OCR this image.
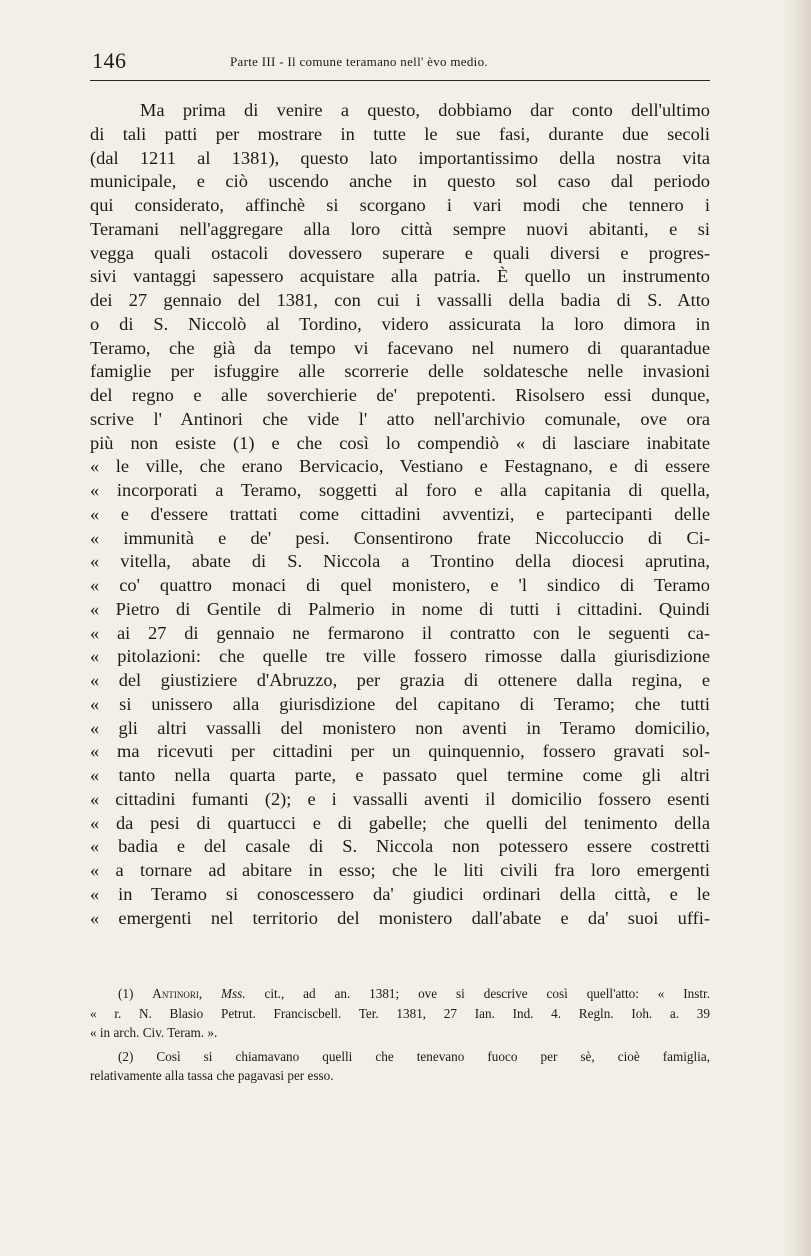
146	Parte III - Il comune teramano nell' èvo medio.
Ma prima di venire a questo, dobbiamo dar conto dell'ultimo
di tali patti per mostrare in tutte le sue fasi, durante due secoli
(dal 1211 al 1381), questo lato importantissimo della nostra vita
municipale, e ciò uscendo anche in questo sol caso dal periodo
qui considerato, affinchè si scorgano i vari modi che tennero i
Teramani nell'aggregare alla loro città sempre nuovi abitanti, e si
vegga quali ostacoli dovessero superare e quali diversi e progres-
sivi vantaggi sapessero acquistare alla patria. È quello un instrumento
dei 27 gennaio del 1381, con cui i vassalli della badia di S. Atto
o di S. Niccolò al Tordino, videro assicurata la loro dimora in
Teramo, che già da tempo vi facevano nel numero di quarantadue
famiglie per isfuggire alle scorrerie delle soldatesche nelle invasioni
del regno e alle soverchierie de' prepotenti. Risolsero essi dunque,
scrive l' Antinori che vide l' atto nell'archivio comunale, ove ora
più non esiste (1) e che così lo compendiò « di lasciare inabitate
« le ville, che erano Bervicacio, Vestiano e Festagnano, e di essere
« incorporati a Teramo, soggetti al foro e alla capitania di quella,
« e d'essere trattati come cittadini avventizi, e partecipanti delle
« immunità e de' pesi. Consentirono frate Niccoluccio di Ci-
« vitella, abate di S. Niccola a Trontino della diocesi aprutina,
« co' quattro monaci di quel monistero, e 'l sindico di Teramo
« Pietro di Gentile di Palmerio in nome di tutti i cittadini. Quindi
« ai 27 di gennaio ne fermarono il contratto con le seguenti ca-
« pitolazioni: che quelle tre ville fossero rimosse dalla giurisdizione
« del giustiziere d'Abruzzo, per grazia di ottenere dalla regina, e
« si unissero alla giurisdizione del capitano di Teramo; che tutti
« gli altri vassalli del monistero non aventi in Teramo domicilio,
« ma ricevuti per cittadini per un quinquennio, fossero gravati sol-
« tanto nella quarta parte, e passato quel termine come gli altri
« cittadini fumanti (2); e i vassalli aventi il domicilio fossero esenti
« da pesi di quartucci e di gabelle; che quelli del tenimento della
« badia e del casale di S. Niccola non potessero essere costretti
« a tornare ad abitare in esso; che le liti civili fra loro emergenti
« in Teramo si conoscessero da' giudici ordinari della città, e le
« emergenti nel territorio del monistero dall'abate e da' suoi uffi-
(1) Antinori, Mss. cit., ad an. 1381; ove si descrive così quell'atto: « Instr.
« r. N. Blasio Petrut. Franciscbell. Ter. 1381, 27 Ian. Ind. 4. Regln. Ioh. a. 39
« in arch. Civ. Teram. ».
(2) Così si chiamavano quelli che tenevano fuoco per sè, cioè famiglia,
relativamente alla tassa che pagavasi per esso.
